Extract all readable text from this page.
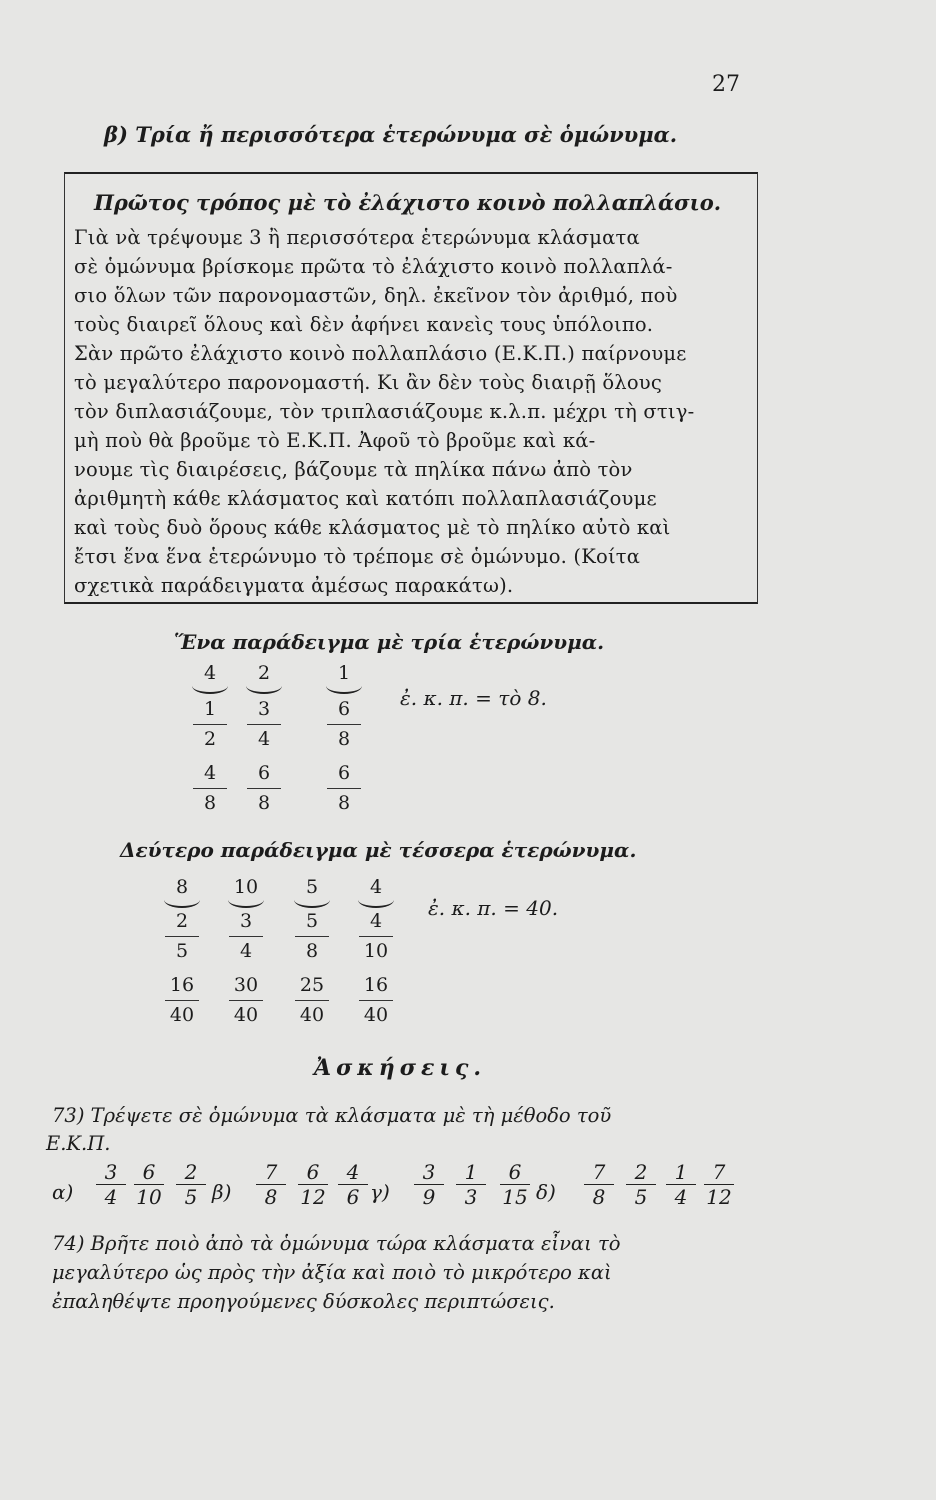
27
β) Τρία ἤ περισσότερα ἑτερώνυμα σὲ ὁμώνυμα.
Πρῶτος τρόπος μὲ τὸ ἐλάχιστο κοινὸ πολλαπλάσιο.
Γιὰ νὰ τρέψουμε 3 ἢ περισσότερα ἑτερώνυμα κλάσματα
σὲ ὁμώνυμα βρίσκομε πρῶτα τὸ ἐλάχιστο κοινὸ πολλαπλά-
σιο ὅλων τῶν παρονομαστῶν, δηλ. ἐκεῖνον τὸν ἀριθμό, ποὺ
τοὺς διαιρεῖ ὅλους καὶ δὲν ἀφήνει κανεὶς τους ὑπόλοιπο.
Σὰν πρῶτο ἐλάχιστο κοινὸ πολλαπλάσιο (Ε.Κ.Π.) παίρνουμε
τὸ μεγαλύτερο παρονομαστή. Κι ἂν δὲν τοὺς διαιρῇ ὅλους
τὸν διπλασιάζουμε, τὸν τριπλασιάζουμε κ.λ.π. μέχρι τὴ στιγ-
μὴ ποὺ θὰ βροῦμε τὸ Ε.Κ.Π. Ἀφοῦ τὸ βροῦμε καὶ κά-
νουμε τὶς διαιρέσεις, βάζουμε τὰ πηλίκα πάνω ἀπὸ τὸν
ἀριθμητὴ κάθε κλάσματος καὶ κατόπι πολλαπλασιάζουμε
καὶ τοὺς δυὸ ὅρους κάθε κλάσματος μὲ τὸ πηλίκο αὐτὸ καὶ
ἔτσι ἕνα ἕνα ἑτερώνυμο τὸ τρέπομε σὲ ὁμώνυμο. (Κοίτα
σχετικὰ παράδειγματα ἀμέσως παρακάτω).
Ἕνα παράδειγμα μὲ τρία ἑτερώνυμα.
4	2	1
1	3	6
2	4	8
4	6	6
8	8	8
ἐ. κ. π. = τὸ 8.
Δεύτερο παράδειγμα μὲ τέσσερα ἑτερώνυμα.
8	10	5	4
2	3	5	4
5	4	8	10
16	30	25	16
40	40	40	40
ἐ. κ. π. = 40.
Ἀσκήσεις.
73) Τρέψετε σὲ ὁμώνυμα τὰ κλάσματα μὲ τὴ μέθοδο τοῦ
Ε.Κ.Π.
$\alpha) \frac{3}{4} \frac{6}{10} \frac{2}{5} \beta) \frac{7}{8} \frac{6}{12} \frac{4}{6} \gamma) \frac{3}{9} \frac{1}{3} \frac{6}{15} \delta) \frac{7}{8} \frac{2}{5} \frac{1}{4} \frac{7}{12}$
74) Βρῆτε ποιὸ ἀπὸ τὰ ὁμώνυμα τώρα κλάσματα εἶναι τὸ
μεγαλύτερο ὡς πρὸς τὴν ἀξία καὶ ποιὸ τὸ μικρότερο καὶ
ἐπαληθέψτε προηγούμενες δύσκολες περιπτώσεις.
